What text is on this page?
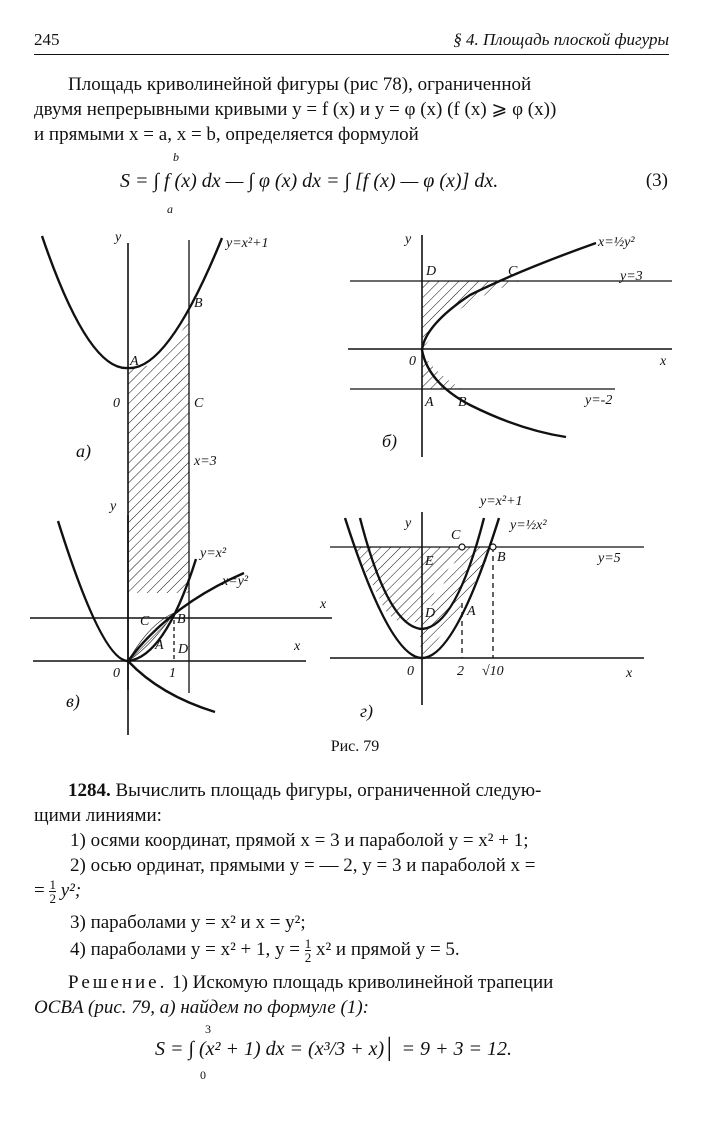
245	§ 4. Площадь плоской фигуры
Площадь криволинейной фигуры (рис 78), ограниченной
двумя непрерывными кривыми y = f (x) и y = φ (x) (f (x) ⩾ φ (x))
и прямыми x = a, x = b, определяется формулой
S = ∫ f (x) dx — ∫ φ (x) dx = ∫ [f (x) — φ (x)] dx.
b
a
(3)
y=x²+1
y
x
A
B
C
0
x=3
а)
x=½y²
y=3
y=-2
y
x
D	C
0
A B
б)
y=x²
x=y²
y
x
C B
A D
0	1
в)
y=x²+1
y=½x²
y=5
y
x
C
B
E
D A
0	2 √10
г)
Рис. 79
1284. Вычислить площадь фигуры, ограниченной следую-
щими линиями:
1) осями координат, прямой x = 3 и параболой y = x² + 1;
2) осью ординат, прямыми y = — 2, y = 3 и параболой x =
= $\frac{1}{2} y^2$;
3) параболами y = x² и x = y²;
4) параболами y = x² + 1, $y = \frac{1}{2} x^2$ и прямой y = 5.
Решение. 1) Искомую площадь криволинейной трапеции
OCBA (рис. 79, а) найдем по формуле (1):
S = ∫ (x² + 1) dx = (x³/3 + x)│ = 9 + 3 = 12.
3
0
